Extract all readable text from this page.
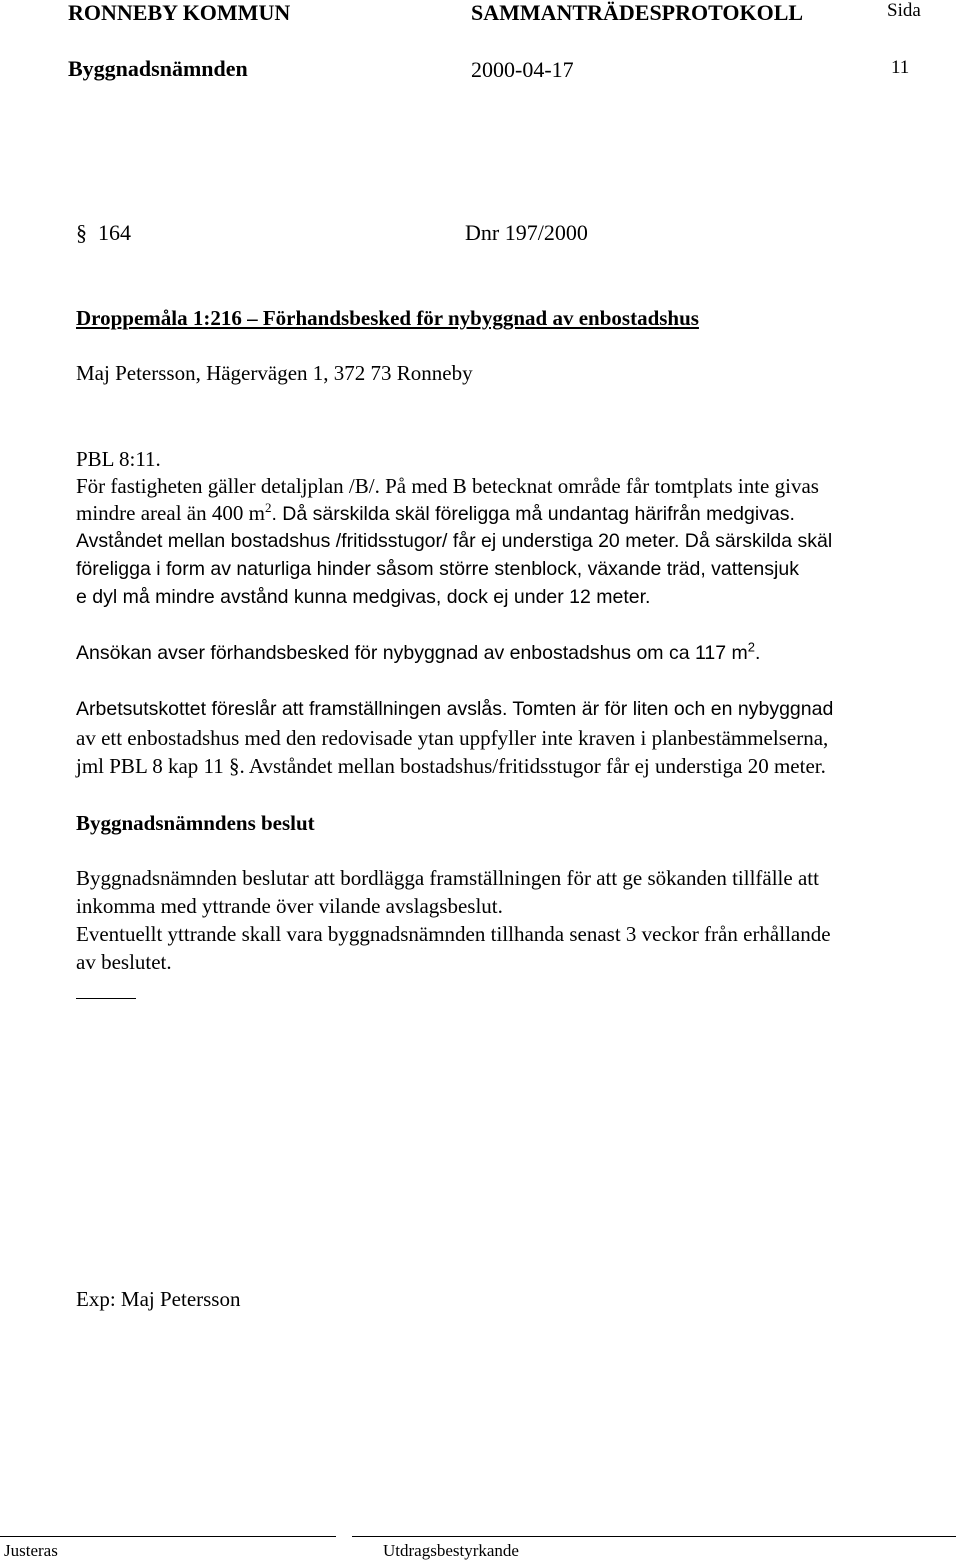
RONNEBY KOMMUN	SAMMANTRÄDESPROTOKOLL	Sida
Byggnadsnämnden	2000-04-17	11
§ 164	Dnr 197/2000
Droppemåla 1:216 – Förhandsbesked för nybyggnad av enbostadshus
Maj Petersson, Hägervägen 1, 372 73 Ronneby
PBL 8:11.
För fastigheten gäller detaljplan /B/. På med B betecknat område får tomtplats inte givas
mindre areal än 400 $m^2$. Då särskilda skäl föreligga må undantag härifrån medgivas.
Avståndet mellan bostadshus /fritidsstugor/ får ej understiga 20 meter. Då särskilda skäl
föreligga i form av naturliga hinder såsom större stenblock, växande träd, vattensjuk
e dyl må mindre avstånd kunna medgivas, dock ej under 12 meter.
Ansökan avser förhandsbesked för nybyggnad av enbostadshus om ca 117 $m^2$.
Arbetsutskottet föreslår att framställningen avslås. Tomten är för liten och en nybyggnad
av ett enbostadshus med den redovisade ytan uppfyller inte kraven i planbestämmelserna,
jml PBL 8 kap 11 §. Avståndet mellan bostadshus/fritidsstugor får ej understiga 20 meter.
Byggnadsnämndens beslut
Byggnadsnämnden beslutar att bordlägga framställningen för att ge sökanden tillfälle att
inkomma med yttrande över vilande avslagsbeslut.
Eventuellt yttrande skall vara byggnadsnämnden tillhanda senast 3 veckor från erhållande
av beslutet.
Exp: Maj Petersson
Justeras	Utdragsbestyrkande
